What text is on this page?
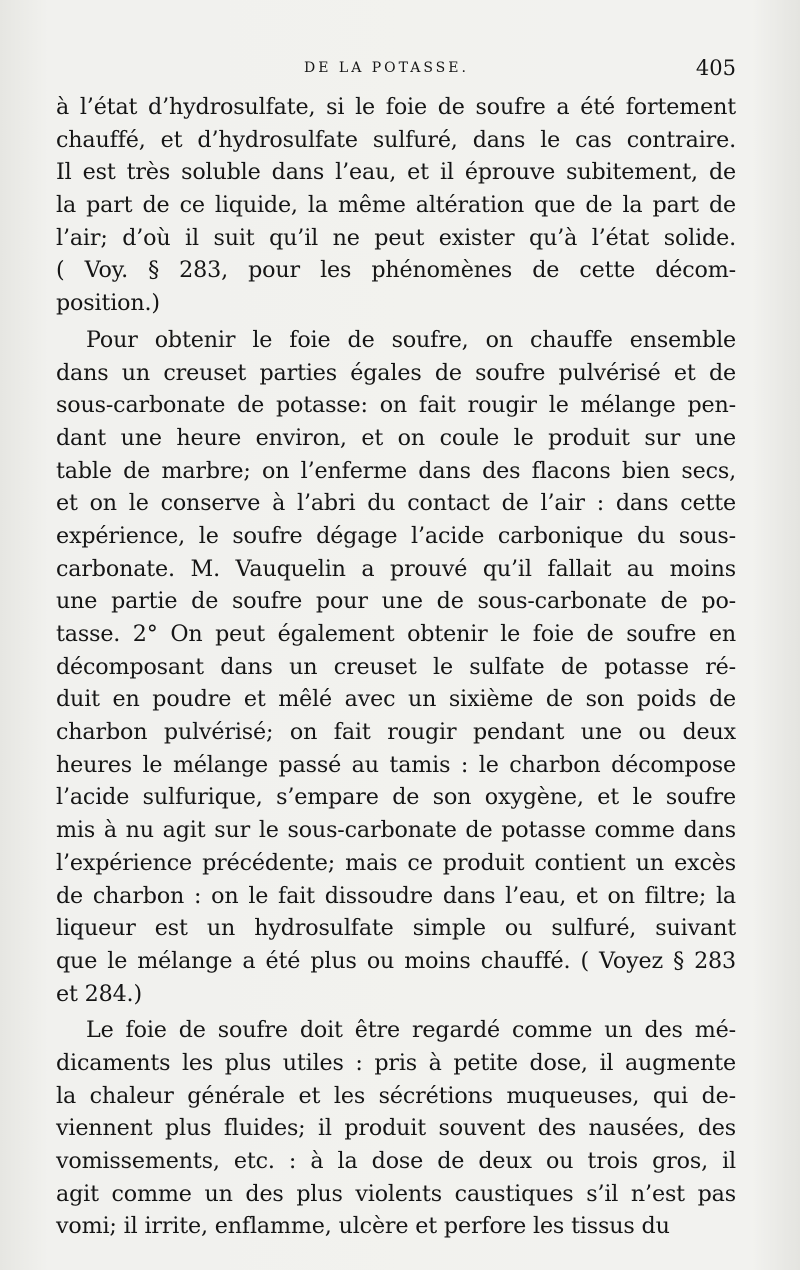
DE LA POTASSE.	405
à l’état d’hydrosulfate, si le foie de soufre a été fortement
chauffé, et d’hydrosulfate sulfuré, dans le cas contraire.
Il est très soluble dans l’eau, et il éprouve subitement, de
la part de ce liquide, la même altération que de la part de
l’air; d’où il suit qu’il ne peut exister qu’à l’état solide.
( Voy. § 283, pour les phénomènes de cette décom-
position.)
Pour obtenir le foie de soufre, on chauffe ensemble
dans un creuset parties égales de soufre pulvérisé et de
sous-carbonate de potasse: on fait rougir le mélange pen-
dant une heure environ, et on coule le produit sur une
table de marbre; on l’enferme dans des flacons bien secs,
et on le conserve à l’abri du contact de l’air : dans cette
expérience, le soufre dégage l’acide carbonique du sous-
carbonate. M. Vauquelin a prouvé qu’il fallait au moins
une partie de soufre pour une de sous-carbonate de po-
tasse. 2° On peut également obtenir le foie de soufre en
décomposant dans un creuset le sulfate de potasse ré-
duit en poudre et mêlé avec un sixième de son poids de
charbon pulvérisé; on fait rougir pendant une ou deux
heures le mélange passé au tamis : le charbon décompose
l’acide sulfurique, s’empare de son oxygène, et le soufre
mis à nu agit sur le sous-carbonate de potasse comme dans
l’expérience précédente; mais ce produit contient un excès
de charbon : on le fait dissoudre dans l’eau, et on filtre; la
liqueur est un hydrosulfate simple ou sulfuré, suivant
que le mélange a été plus ou moins chauffé. ( Voyez § 283
et 284.)
Le foie de soufre doit être regardé comme un des mé-
dicaments les plus utiles : pris à petite dose, il augmente
la chaleur générale et les sécrétions muqueuses, qui de-
viennent plus fluides; il produit souvent des nausées, des
vomissements, etc. : à la dose de deux ou trois gros, il
agit comme un des plus violents caustiques s’il n’est pas
vomi; il irrite, enflamme, ulcère et perfore les tissus du
